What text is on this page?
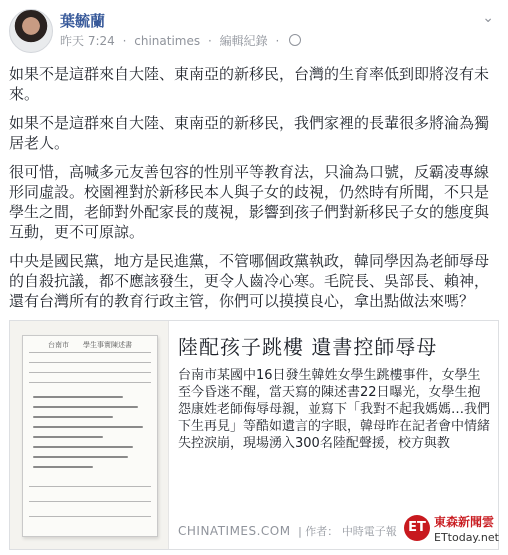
葉毓蘭
昨天 7:24 · chinatimes · 編輯紀錄 ·
⌄

如果不是這群來自大陸、東南亞的新移民，台灣的生育率低到即將沒有未來。

如果不是這群來自大陸、東南亞的新移民，我們家裡的長輩很多將淪為獨居老人。

很可惜，高喊多元友善包容的性別平等教育法，只淪為口號，反霸凌專線形同虛設。校園裡對於新移民本人與子女的歧視，仍然時有所聞，不只是學生之間，老師對外配家長的蔑視，影響到孩子們對新移民子女的態度與互動，更不可原諒。

中央是國民黨，地方是民進黨，不管哪個政黨執政，韓同學因為老師辱母的自殺抗議，都不應該發生，更令人齒冷心寒。毛院長、吳部長、賴神，還有台灣所有的教育行政主管，你們可以摸摸良心，拿出點做法來嗎？

台南市　　學生事實陳述書	陸配孩子跳樓 遺書控師辱母
台南市某國中16日發生韓姓女學生跳樓事件，女學生至今昏迷不醒，當天寫的陳述書22日曝光，女學生抱怨康姓老師侮辱母親，並寫下「我對不起我媽媽…我們下生再見」等酷如遺言的字眼，韓母昨在記者會中情緒失控淚崩，現場湧入300名陸配聲援，校方與教
CHINATIMES.COM | 作者： 中時電子報 ET 東森新聞雲
ETtoday.net
